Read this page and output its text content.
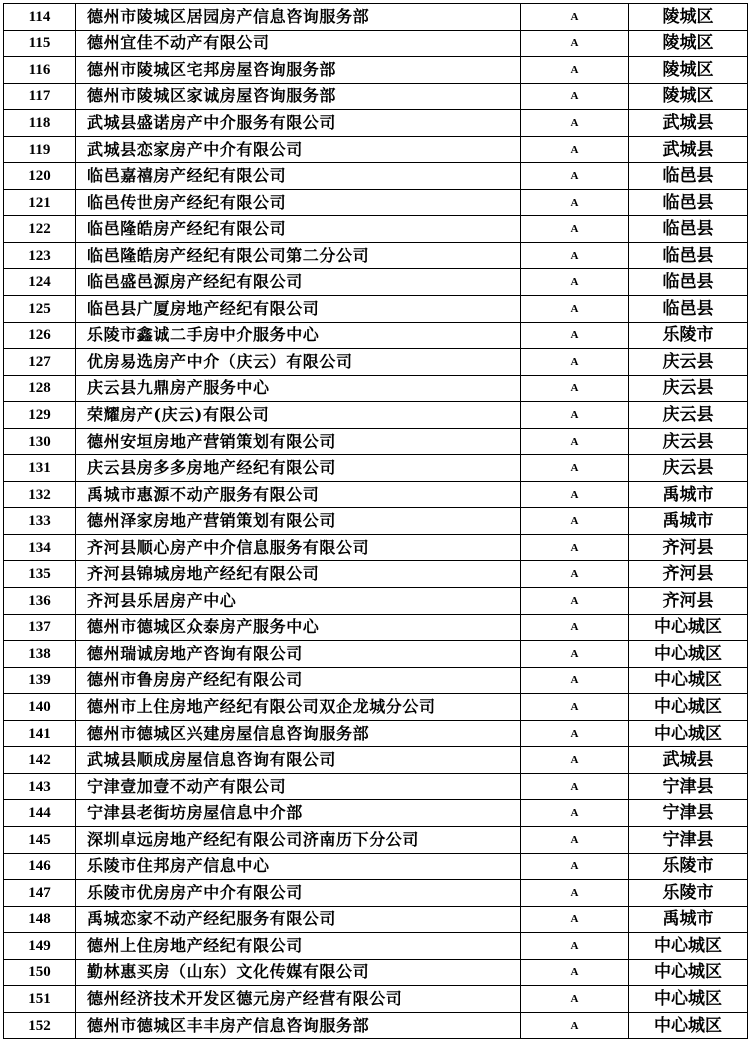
114	德州市陵城区居园房产信息咨询服务部	A	陵城区
115	德州宜佳不动产有限公司	A	陵城区
116	德州市陵城区宅邦房屋咨询服务部	A	陵城区
117	德州市陵城区家诚房屋咨询服务部	A	陵城区
118	武城县盛诺房产中介服务有限公司	A	武城县
119	武城县恋家房产中介有限公司	A	武城县
120	临邑嘉禧房产经纪有限公司	A	临邑县
121	临邑传世房产经纪有限公司	A	临邑县
122	临邑隆皓房产经纪有限公司	A	临邑县
123	临邑隆皓房产经纪有限公司第二分公司	A	临邑县
124	临邑盛邑源房产经纪有限公司	A	临邑县
125	临邑县广厦房地产经纪有限公司	A	临邑县
126	乐陵市鑫诚二手房中介服务中心	A	乐陵市
127	优房易选房产中介（庆云）有限公司	A	庆云县
128	庆云县九鼎房产服务中心	A	庆云县
129	荣耀房产(庆云)有限公司	A	庆云县
130	德州安垣房地产营销策划有限公司	A	庆云县
131	庆云县房多多房地产经纪有限公司	A	庆云县
132	禹城市惠源不动产服务有限公司	A	禹城市
133	德州泽家房地产营销策划有限公司	A	禹城市
134	齐河县顺心房产中介信息服务有限公司	A	齐河县
135	齐河县锦城房地产经纪有限公司	A	齐河县
136	齐河县乐居房产中心	A	齐河县
137	德州市德城区众泰房产服务中心	A	中心城区
138	德州瑞诚房地产咨询有限公司	A	中心城区
139	德州市鲁房房产经纪有限公司	A	中心城区
140	德州市上住房地产经纪有限公司双企龙城分公司	A	中心城区
141	德州市德城区兴建房屋信息咨询服务部	A	中心城区
142	武城县顺成房屋信息咨询有限公司	A	武城县
143	宁津壹加壹不动产有限公司	A	宁津县
144	宁津县老街坊房屋信息中介部	A	宁津县
145	深圳卓远房地产经纪有限公司济南历下分公司	A	宁津县
146	乐陵市住邦房产信息中心	A	乐陵市
147	乐陵市优房房产中介有限公司	A	乐陵市
148	禹城恋家不动产经纪服务有限公司	A	禹城市
149	德州上住房地产经纪有限公司	A	中心城区
150	勤林惠买房（山东）文化传媒有限公司	A	中心城区
151	德州经济技术开发区德元房产经营有限公司	A	中心城区
152	德州市德城区丰丰房产信息咨询服务部	A	中心城区
